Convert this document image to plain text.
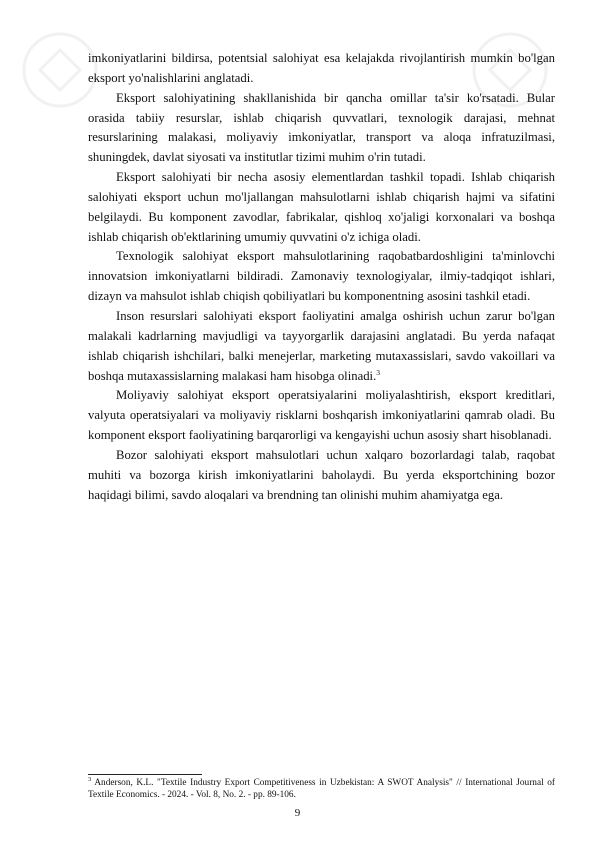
imkoniyatlarini bildirsa, potentsial salohiyat esa kelajakda rivojlantirish mumkin bo'lgan eksport yo'nalishlarini anglatadi.

Eksport salohiyatining shakllanishida bir qancha omillar ta'sir ko'rsatadi. Bular orasida tabiiy resurslar, ishlab chiqarish quvvatlari, texnologik darajasi, mehnat resurslarining malakasi, moliyaviy imkoniyatlar, transport va aloqa infratuzilmasi, shuningdek, davlat siyosati va institutlar tizimi muhim o'rin tutadi.

Eksport salohiyati bir necha asosiy elementlardan tashkil topadi. Ishlab chiqarish salohiyati eksport uchun mo'ljallangan mahsulotlarni ishlab chiqarish hajmi va sifatini belgilaydi. Bu komponent zavodlar, fabrikalar, qishloq xo'jaligi korxonalari va boshqa ishlab chiqarish ob'ektlarining umumiy quvvatini o'z ichiga oladi.

Texnologik salohiyat eksport mahsulotlarining raqobatbardoshligini ta'minlovchi innovatsion imkoniyatlarni bildiradi. Zamonaviy texnologiyalar, ilmiy-tadqiqot ishlari, dizayn va mahsulot ishlab chiqish qobiliyatlari bu komponentning asosini tashkil etadi.

Inson resurslari salohiyati eksport faoliyatini amalga oshirish uchun zarur bo'lgan malakali kadrlarning mavjudligi va tayyorgarlik darajasini anglatadi. Bu yerda nafaqat ishlab chiqarish ishchilari, balki menejerlar, marketing mutaxassislari, savdo vakoillari va boshqa mutaxassislarning malakasi ham hisobga olinadi.$^3$

Moliyaviy salohiyat eksport operatsiyalarini moliyalashtirish, eksport kreditlari, valyuta operatsiyalari va moliyaviy risklarni boshqarish imkoniyatlarini qamrab oladi. Bu komponent eksport faoliyatining barqarorligi va kengayishi uchun asosiy shart hisoblanadi.

Bozor salohiyati eksport mahsulotlari uchun xalqaro bozorlardagi talab, raqobat muhiti va bozorga kirish imkoniyatlarini baholaydi. Bu yerda eksportchining bozor haqidagi bilimi, savdo aloqalari va brendning tan olinishi muhim ahamiyatga ega.

$^3$ Anderson, K.L. "Textile Industry Export Competitiveness in Uzbekistan: A SWOT Analysis" // International Journal of Textile Economics. - 2024. - Vol. 8, No. 2. - pp. 89-106.

9
